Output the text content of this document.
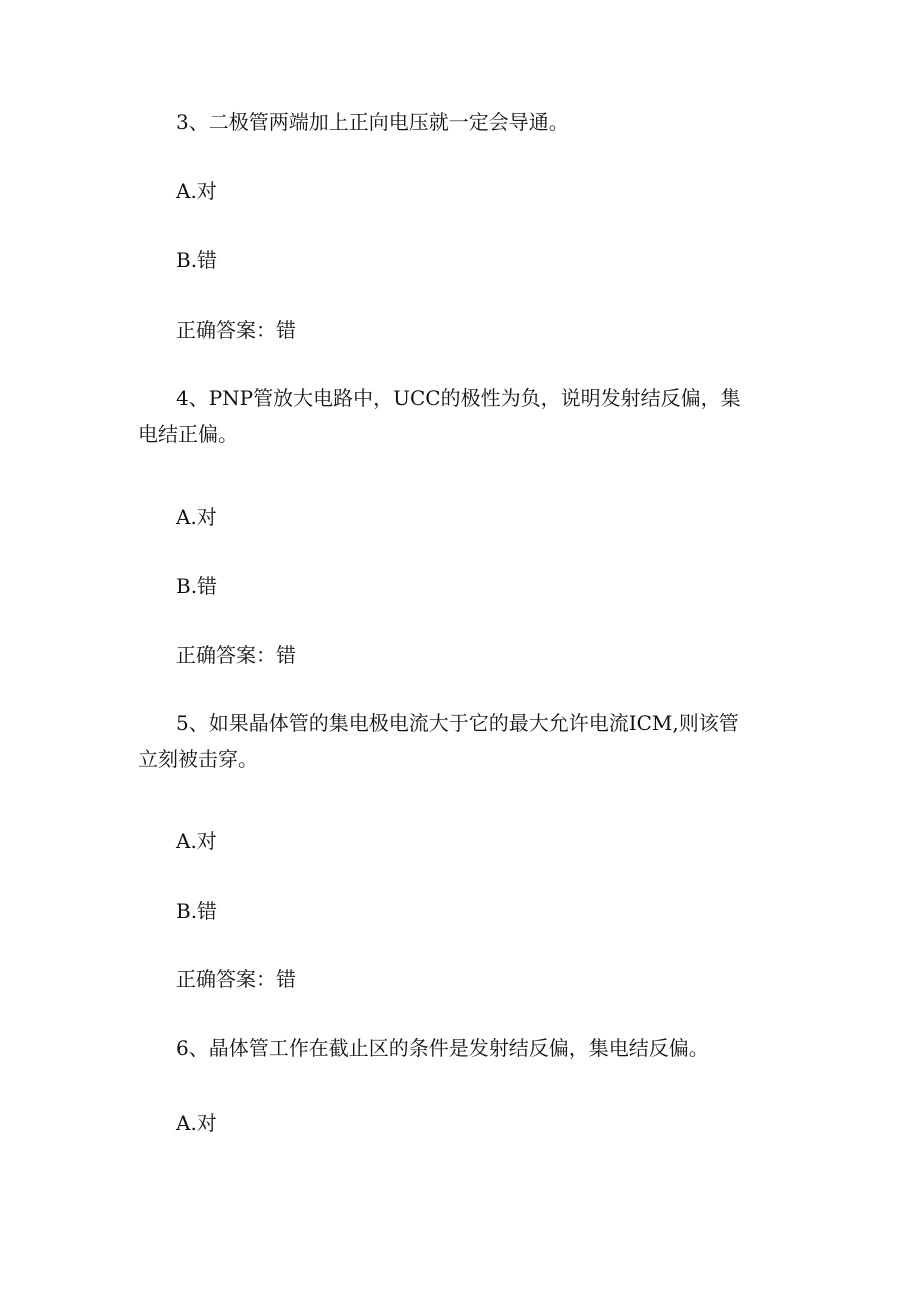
3、二极管两端加上正向电压就一定会导通。
A.对
B.错
正确答案：错
4、PNP管放大电路中，UCC的极性为负，说明发射结反偏，集
电结正偏。
A.对
B.错
正确答案：错
5、如果晶体管的集电极电流大于它的最大允许电流ICM,则该管
立刻被击穿。
A.对
B.错
正确答案：错
6、晶体管工作在截止区的条件是发射结反偏，集电结反偏。
A.对
